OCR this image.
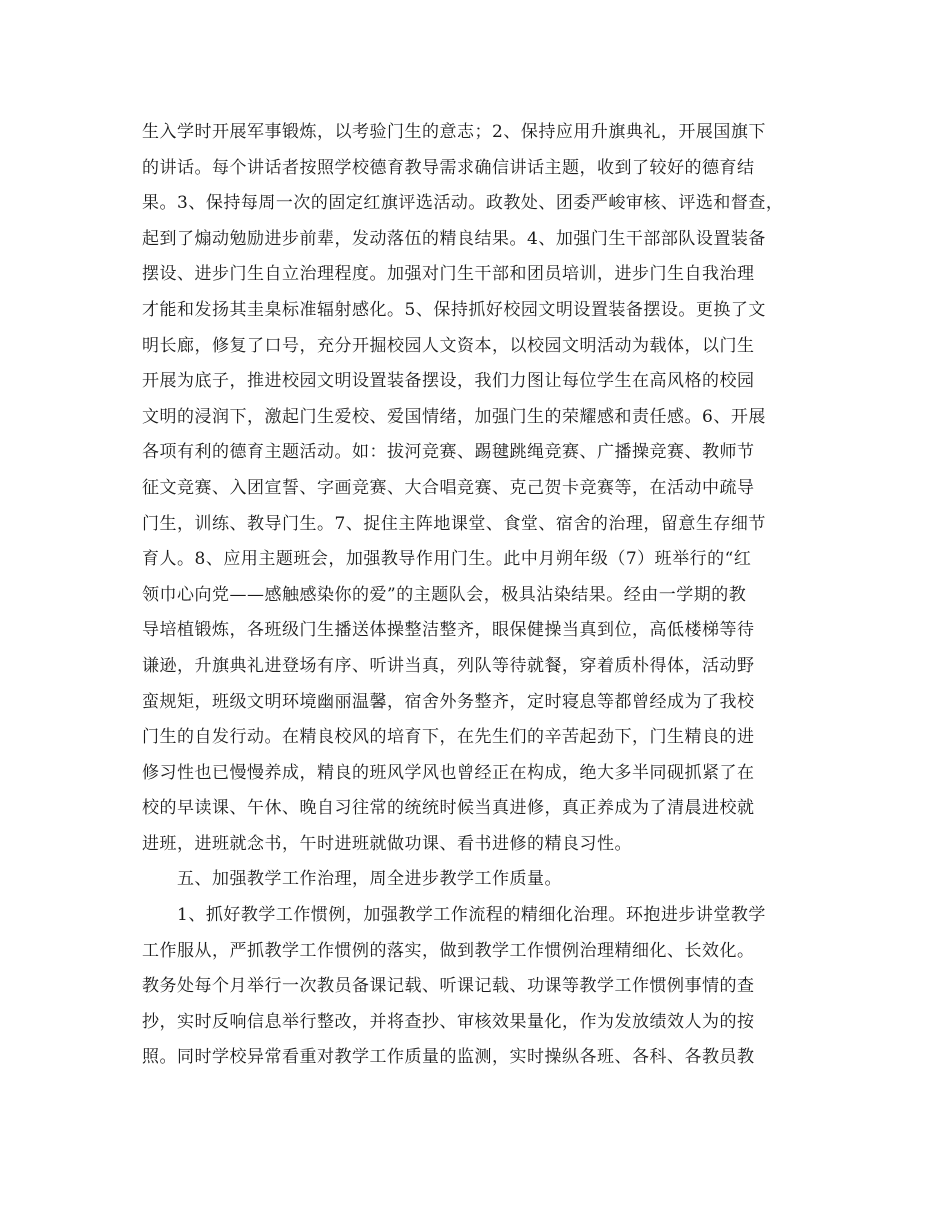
生入学时开展军事锻炼，以考验门生的意志；2、保持应用升旗典礼，开展国旗下
的讲话。每个讲话者按照学校德育教导需求确信讲话主题，收到了较好的德育结
果。3、保持每周一次的固定红旗评选活动。政教处、团委严峻审核、评选和督查，
起到了煽动勉励进步前辈，发动落伍的精良结果。4、加强门生干部部队设置装备
摆设、进步门生自立治理程度。加强对门生干部和团员培训，进步门生自我治理
才能和发扬其圭臬标准辐射感化。5、保持抓好校园文明设置装备摆设。更换了文
明长廊，修复了口号，充分开掘校园人文资本，以校园文明活动为载体，以门生
开展为底子，推进校园文明设置装备摆设，我们力图让每位学生在高风格的校园
文明的浸润下，激起门生爱校、爱国情绪，加强门生的荣耀感和责任感。6、开展
各项有利的德育主题活动。如：拔河竞赛、踢毽跳绳竞赛、广播操竞赛、教师节
征文竞赛、入团宣誓、字画竞赛、大合唱竞赛、克己贺卡竞赛等，在活动中疏导
门生，训练、教导门生。7、捉住主阵地课堂、食堂、宿舍的治理，留意生存细节
育人。8、应用主题班会，加强教导作用门生。此中月朔年级（7）班举行的“红
领巾心向党——感触感染你的爱”的主题队会，极具沾染结果。经由一学期的教
导培植锻炼，各班级门生播送体操整洁整齐，眼保健操当真到位，高低楼梯等待
谦逊，升旗典礼进登场有序、听讲当真，列队等待就餐，穿着质朴得体，活动野
蛮规矩，班级文明环境幽丽温馨，宿舍外务整齐，定时寝息等都曾经成为了我校
门生的自发行动。在精良校风的培育下，在先生们的辛苦起劲下，门生精良的进
修习性也已慢慢养成，精良的班风学风也曾经正在构成，绝大多半同砚抓紧了在
校的早读课、午休、晚自习往常的统统时候当真进修，真正养成为了清晨进校就
进班，进班就念书，午时进班就做功课、看书进修的精良习性。
　　五、加强教学工作治理，周全进步教学工作质量。
　　1、抓好教学工作惯例，加强教学工作流程的精细化治理。环抱进步讲堂教学
工作服从，严抓教学工作惯例的落实，做到教学工作惯例治理精细化、长效化。
教务处每个月举行一次教员备课记载、听课记载、功课等教学工作惯例事情的查
抄，实时反响信息举行整改，并将查抄、审核效果量化，作为发放绩效人为的按
照。同时学校异常看重对教学工作质量的监测，实时操纵各班、各科、各教员教
